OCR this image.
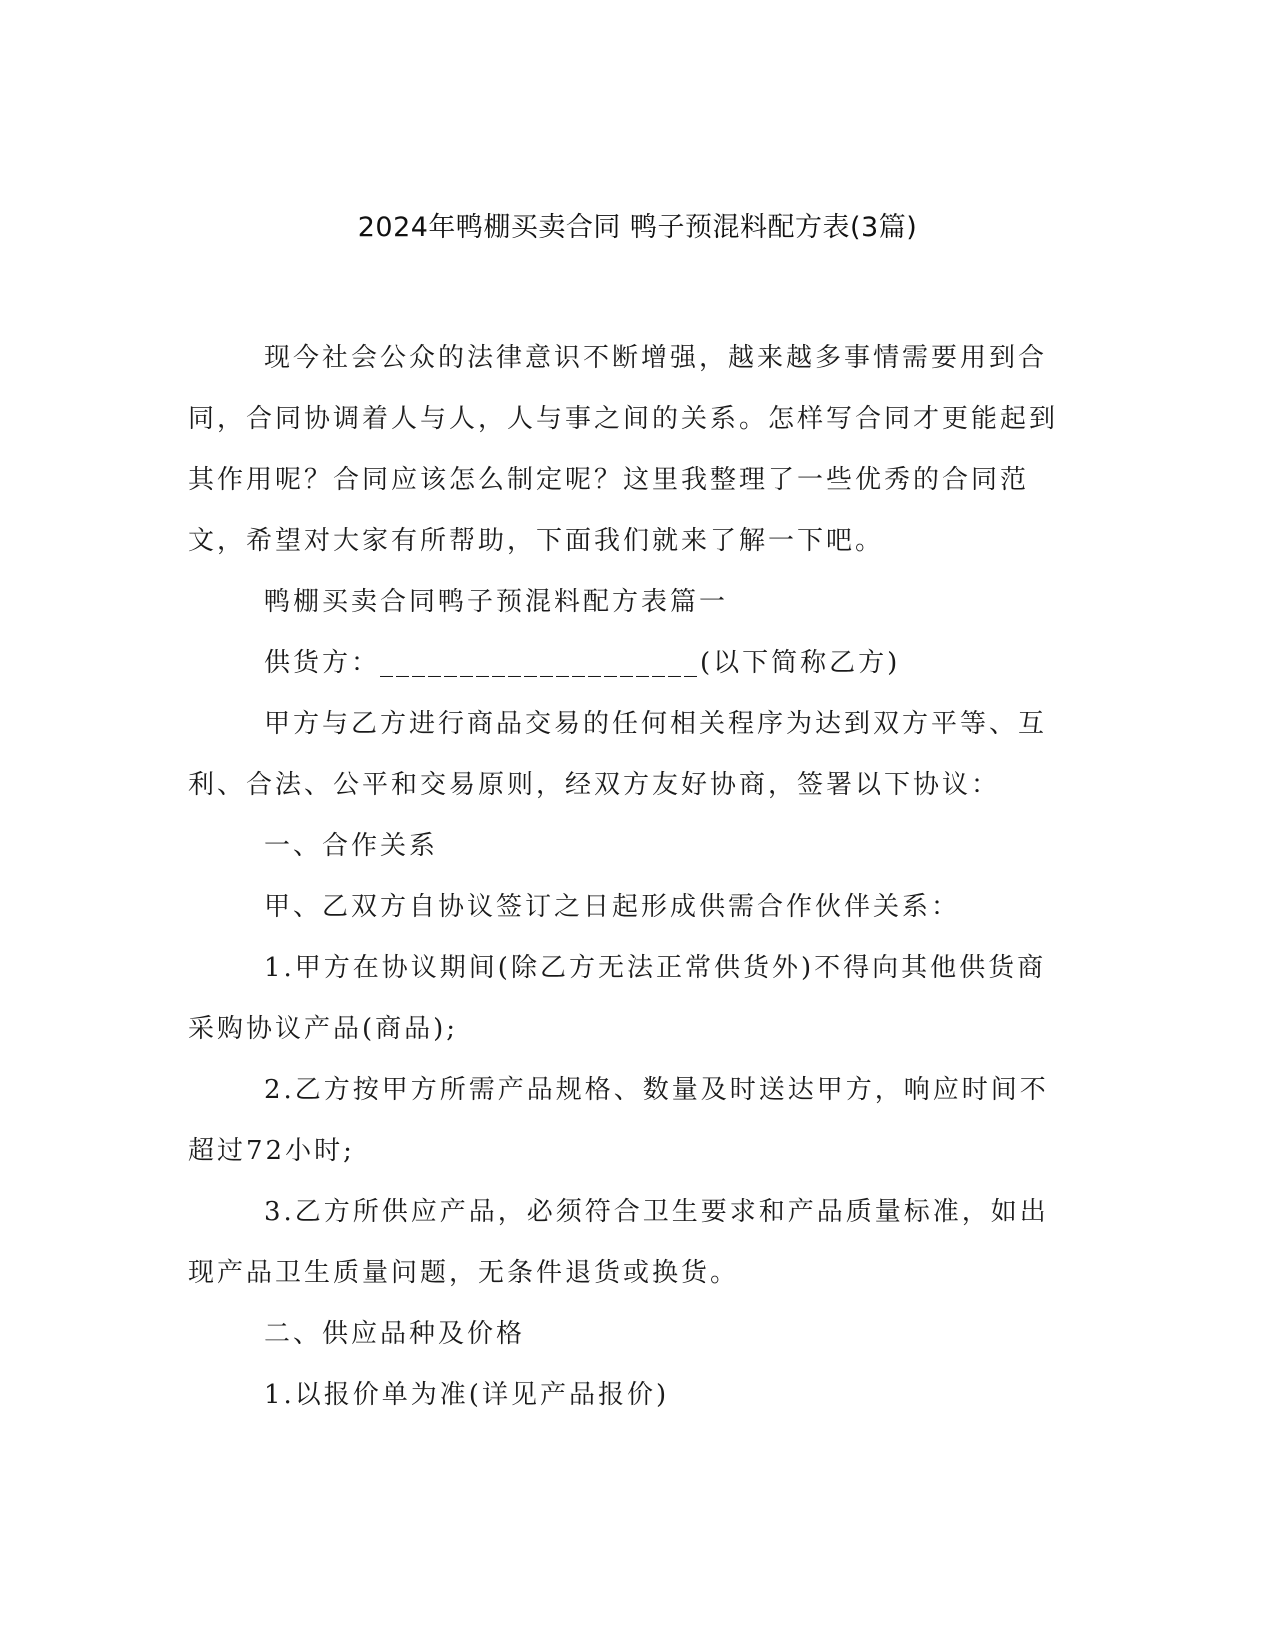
2024年鸭棚买卖合同 鸭子预混料配方表(3篇)

现今社会公众的法律意识不断增强，越来越多事情需要用到合同，合同协调着人与人，人与事之间的关系。怎样写合同才更能起到其作用呢？合同应该怎么制定呢？这里我整理了一些优秀的合同范文，希望对大家有所帮助，下面我们就来了解一下吧。

鸭棚买卖合同鸭子预混料配方表篇一

供货方：____________________(以下简称乙方)

甲方与乙方进行商品交易的任何相关程序为达到双方平等、互利、合法、公平和交易原则，经双方友好协商，签署以下协议：

一、合作关系

甲、乙双方自协议签订之日起形成供需合作伙伴关系：

1.甲方在协议期间(除乙方无法正常供货外)不得向其他供货商采购协议产品(商品);

2.乙方按甲方所需产品规格、数量及时送达甲方，响应时间不超过72小时;

3.乙方所供应产品，必须符合卫生要求和产品质量标准，如出现产品卫生质量问题，无条件退货或换货。

二、供应品种及价格

1.以报价单为准(详见产品报价)
